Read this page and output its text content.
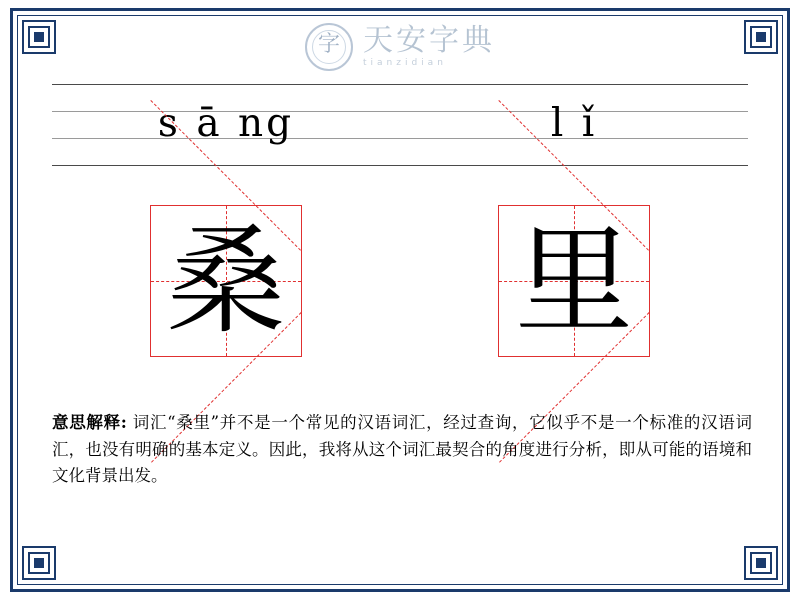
字 天安字典
tianzidian
s ā ng	l ǐ
桑 里
意思解释: 词汇“桑里”并不是一个常见的汉语词汇，经过查询，它似乎不是一个标准的汉语词汇，也没有明确的基本定义。因此，我将从这个词汇最契合的角度进行分析，即从可能的语境和文化背景出发。
